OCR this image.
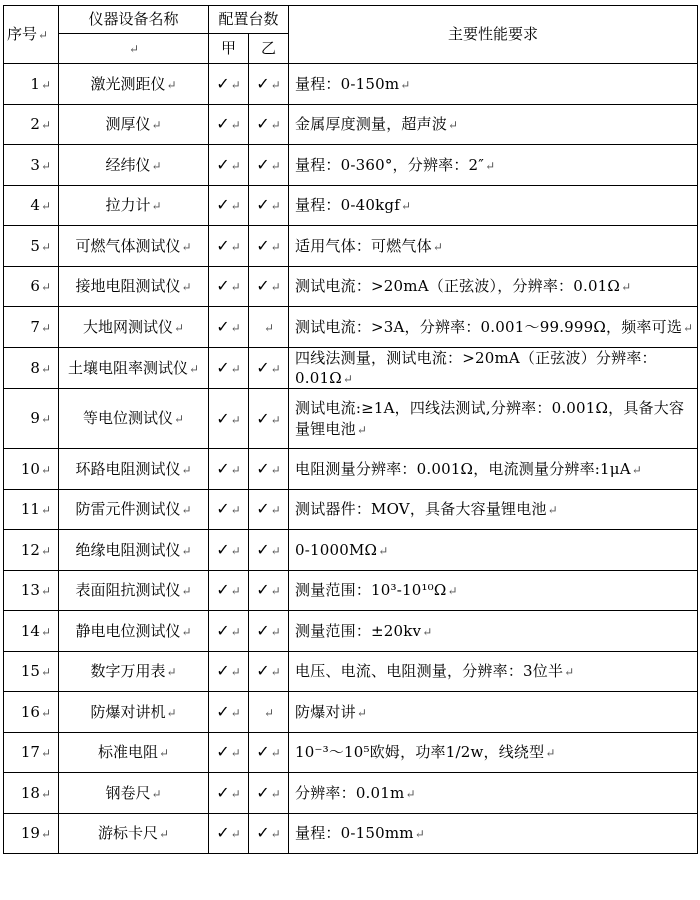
序号↵	仪器设备名称	配置台数		主要性能要求
	↵	甲	乙	
1↵	激光测距仪↵	✓↵	✓↵	量程：0-150m↵
2↵	测厚仪↵	✓↵	✓↵	金属厚度测量，超声波↵
3↵	经纬仪↵	✓↵	✓↵	量程：0-360°，分辨率：2″↵
4↵	拉力计↵	✓↵	✓↵	量程：0-40kgf↵
5↵	可燃气体测试仪↵	✓↵	✓↵	适用气体：可燃气体↵
6↵	接地电阻测试仪↵	✓↵	✓↵	测试电流：>20mA（正弦波），分辨率：0.01Ω↵
7↵	大地网测试仪↵	✓↵	↵	测试电流：>3A，分辨率：0.001～99.999Ω，频率可选↵
8↵	土壤电阻率测试仪↵	✓↵	✓↵	四线法测量，测试电流：>20mA（正弦波）分辨率：0.01Ω↵
9↵	等电位测试仪↵	✓↵	✓↵	测试电流:≥1A，四线法测试,分辨率：0.001Ω，具备大容量锂电池↵
10↵	环路电阻测试仪↵	✓↵	✓↵	电阻测量分辨率：0.001Ω，电流测量分辨率:1μA↵
11↵	防雷元件测试仪↵	✓↵	✓↵	测试器件：MOV，具备大容量锂电池↵
12↵	绝缘电阻测试仪↵	✓↵	✓↵	0-1000MΩ↵
13↵	表面阻抗测试仪↵	✓↵	✓↵	测量范围：10³-10¹⁰Ω↵
14↵	静电电位测试仪↵	✓↵	✓↵	测量范围：±20kv↵
15↵	数字万用表↵	✓↵	✓↵	电压、电流、电阻测量，分辨率：3位半↵
16↵	防爆对讲机↵	✓↵	↵	防爆对讲↵
17↵	标准电阻↵	✓↵	✓↵	10⁻³～10⁵欧姆，功率1/2w，线绕型↵
18↵	钢卷尺↵	✓↵	✓↵	分辨率：0.01m↵
19↵	游标卡尺↵	✓↵	✓↵	量程：0-150mm↵
